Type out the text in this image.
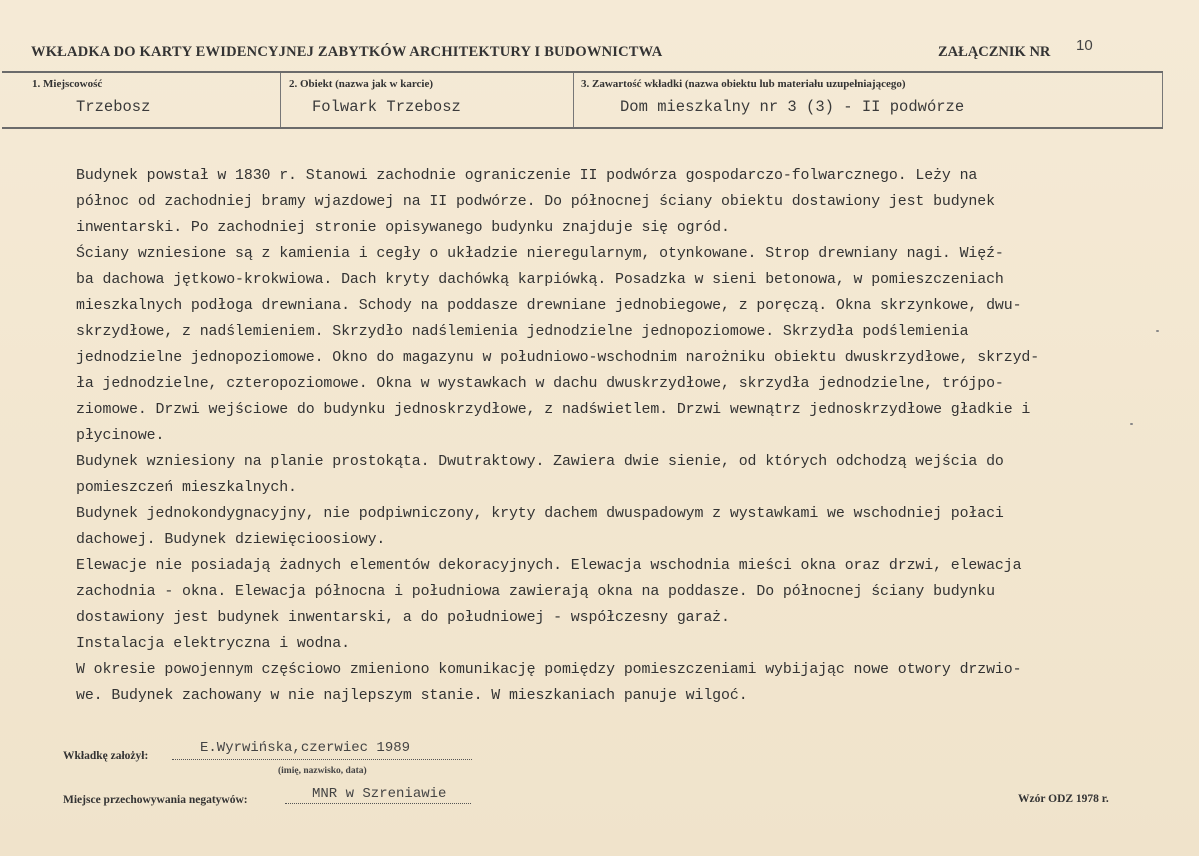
WKŁADKA DO KARTY EWIDENCYJNEJ ZABYTKÓW ARCHITEKTURY I BUDOWNICTWA	ZAŁĄCZNIK NR 10
1. Miejscowość
Trzebosz
2. Obiekt (nazwa jak w karcie)
Folwark Trzebosz
3. Zawartość wkładki (nazwa obiektu lub materiału uzupełniającego)
Dom mieszkalny nr 3 (3) - II podwórze
Budynek powstał w 1830 r. Stanowi zachodnie ograniczenie II podwórza gospodarczo-folwarcznego. Leży na
północ od zachodniej bramy wjazdowej na II podwórze. Do północnej ściany obiektu dostawiony jest budynek
inwentarski. Po zachodniej stronie opisywanego budynku znajduje się ogród.
Ściany wzniesione są z kamienia i cegły o układzie nieregularnym, otynkowane. Strop drewniany nagi. Więź-
ba dachowa jętkowo-krokwiowa. Dach kryty dachówką karpiówką. Posadzka w sieni betonowa, w pomieszczeniach
mieszkalnych podłoga drewniana. Schody na poddasze drewniane jednobiegowe, z poręczą. Okna skrzynkowe, dwu-
skrzydłowe, z nadślemieniem. Skrzydło nadślemienia jednodzielne jednopoziomowe. Skrzydła podślemienia
jednodzielne jednopoziomowe. Okno do magazynu w południowo-wschodnim narożniku obiektu dwuskrzydłowe, skrzyd-
ła jednodzielne, czteropoziomowe. Okna w wystawkach w dachu dwuskrzydłowe, skrzydła jednodzielne, trójpo-
ziomowe. Drzwi wejściowe do budynku jednoskrzydłowe, z nadświetlem. Drzwi wewnątrz jednoskrzydłowe gładkie i
płycinowe.
Budynek wzniesiony na planie prostokąta. Dwutraktowy. Zawiera dwie sienie, od których odchodzą wejścia do
pomieszczeń mieszkalnych.
Budynek jednokondygnacyjny, nie podpiwniczony, kryty dachem dwuspadowym z wystawkami we wschodniej połaci
dachowej. Budynek dziewięcioosiowy.
Elewacje nie posiadają żadnych elementów dekoracyjnych. Elewacja wschodnia mieści okna oraz drzwi, elewacja
zachodnia - okna. Elewacja północna i południowa zawierają okna na poddasze. Do północnej ściany budynku
dostawiony jest budynek inwentarski, a do południowej - współczesny garaż.
Instalacja elektryczna i wodna.
W okresie powojennym częściowo zmieniono komunikację pomiędzy pomieszczeniami wybijając nowe otwory drzwio-
we. Budynek zachowany w nie najlepszym stanie. W mieszkaniach panuje wilgoć.
Wkładkę założył:	E.Wyrwińska,czerwiec 1989
(imię, nazwisko, data)
Miejsce przechowywania negatywów:	MNR w Szreniawie	Wzór ODZ 1978 r.
